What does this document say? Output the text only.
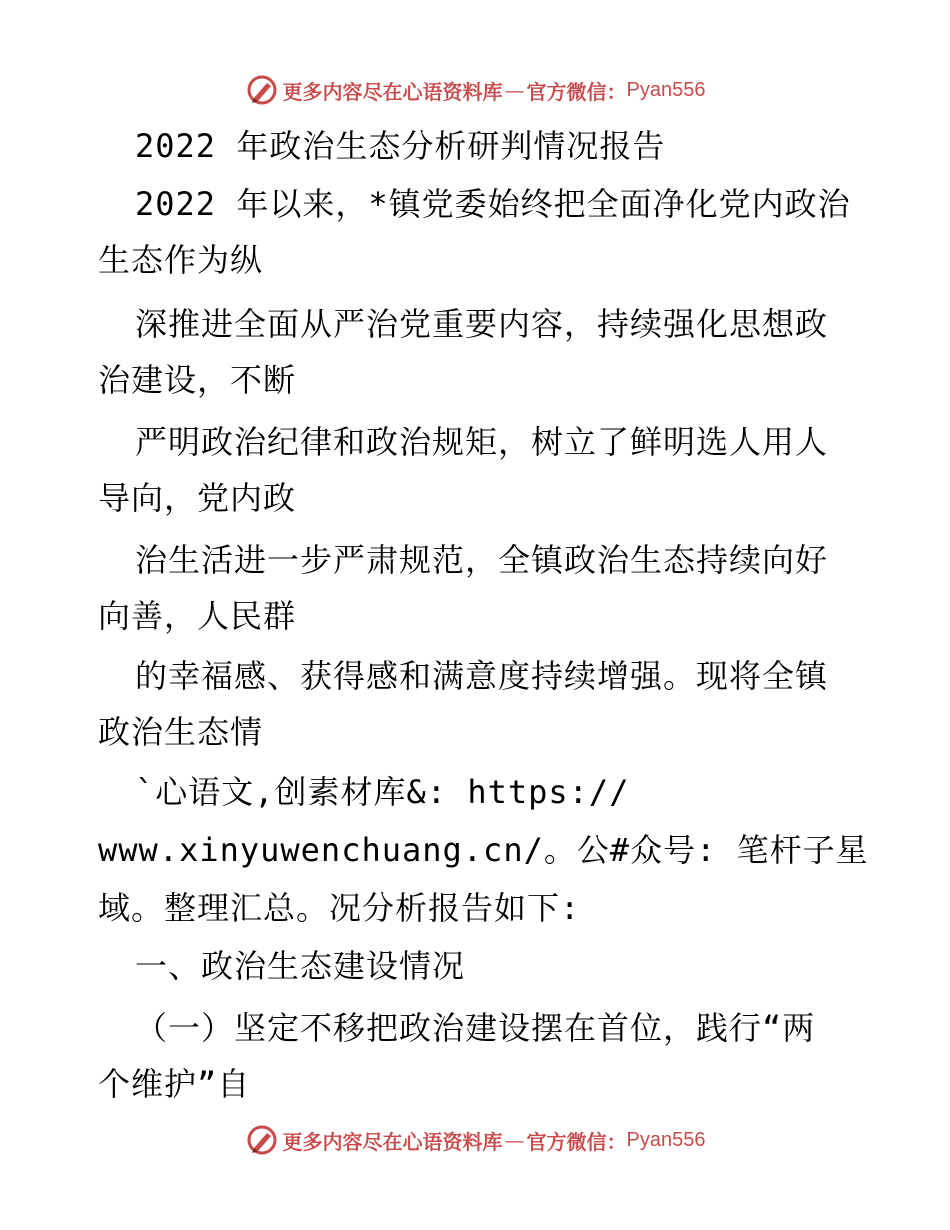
更多内容尽在心语资料库 — 官方微信： Pyan556
2022 年政治生态分析研判情况报告
2022 年以来，*镇党委始终把全面净化党内政治
生态作为纵
深推进全面从严治党重要内容，持续强化思想政
治建设，不断
严明政治纪律和政治规矩，树立了鲜明选人用人
导向，党内政
治生活进一步严肃规范，全镇政治生态持续向好
向善，人民群
的幸福感、获得感和满意度持续增强。现将全镇
政治生态情
`心语文,创素材库&: https://
www.xinyuwenchuang.cn/。公#众号: 笔杆子星
域。整理汇总。况分析报告如下:
一、政治生态建设情况
（一）坚定不移把政治建设摆在首位，践行“两
个维护”自
更多内容尽在心语资料库 — 官方微信： Pyan556
